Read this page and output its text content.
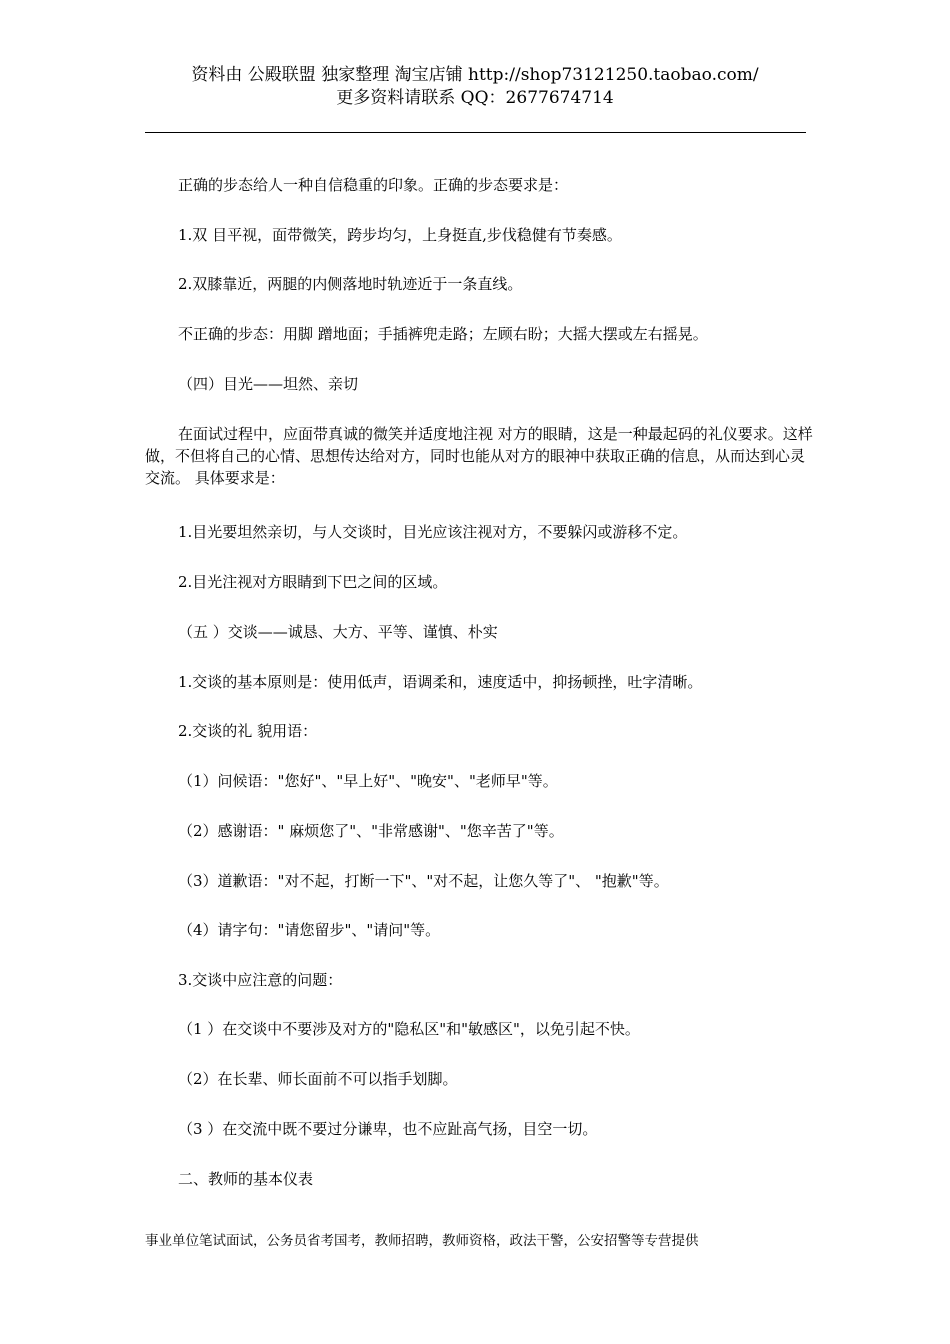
资料由 公殿联盟 独家整理 淘宝店铺 http://shop73121250.taobao.com/
更多资料请联系 QQ：2677674714
正确的步态给人一种自信稳重的印象。正确的步态要求是：
1.双 目平视，面带微笑，跨步均匀，上身挺直,步伐稳健有节奏感。
2.双膝靠近，两腿的内侧落地时轨迹近于一条直线。
不正确的步态：用脚 蹭地面；手插裤兜走路；左顾右盼；大摇大摆或左右摇晃。
（四）目光——坦然、亲切
在面试过程中，应面带真诚的微笑并适度地注视 对方的眼睛，这是一种最起码的礼仪要求。这样做，不但将自己的心情、思想传达给对方，同时也能从对方的眼神中获取正确的信息，从而达到心灵交流。 具体要求是：
1.目光要坦然亲切，与人交谈时，目光应该注视对方，不要躲闪或游移不定。
2.目光注视对方眼睛到下巴之间的区域。
（五 ）交谈——诚恳、大方、平等、谨慎、朴实
1.交谈的基本原则是：使用低声，语调柔和，速度适中，抑扬顿挫，吐字清晰。
2.交谈的礼 貌用语：
（1）问候语："您好"、"早上好"、"晚安"、"老师早"等。
（2）感谢语：" 麻烦您了"、"非常感谢"、"您辛苦了"等。
（3）道歉语："对不起，打断一下"、"对不起，让您久等了"、 "抱歉"等。
（4）请字句："请您留步"、"请问"等。
3.交谈中应注意的问题：
（1 ）在交谈中不要涉及对方的"隐私区"和"敏感区"，以免引起不快。
（2）在长辈、师长面前不可以指手划脚。
（3 ）在交流中既不要过分谦卑，也不应趾高气扬，目空一切。
二、教师的基本仪表
事业单位笔试面试，公务员省考国考，教师招聘，教师资格，政法干警，公安招警等专营提供
